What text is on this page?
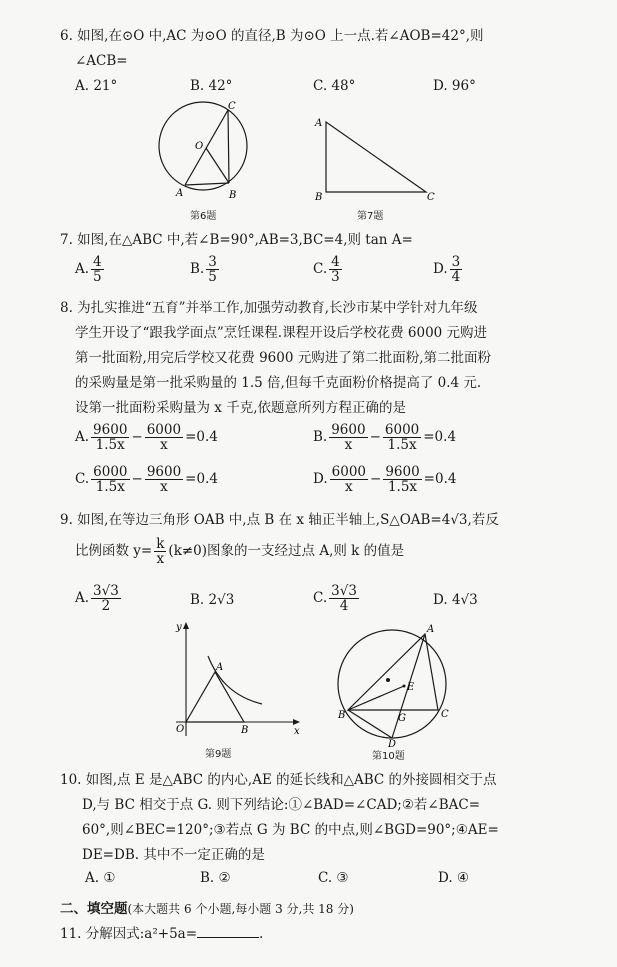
6. 如图,在⊙O 中,AC 为⊙O 的直径,B 为⊙O 上一点.若∠AOB=42°,则
∠ACB=
A. 21°	B. 42°	C. 48°	D. 96°
C
O
A	B
第6题
A
B	C
第7题
7. 如图,在△ABC 中,若∠B=90°,AB=3,BC=4,则 tan A=
A. $\frac{4}{5}$	B. $\frac{3}{5}$	C. $\frac{4}{3}$	D. $\frac{3}{4}$
8. 为扎实推进“五育”并举工作,加强劳动教育,长沙市某中学针对九年级
学生开设了“跟我学面点”烹饪课程.课程开设后学校花费 6000 元购进
第一批面粉,用完后学校又花费 9600 元购进了第二批面粉,第二批面粉
的采购量是第一批采购量的 1.5 倍,但每千克面粉价格提高了 0.4 元.
设第一批面粉采购量为 x 千克,依题意所列方程正确的是
A. $\frac{9600}{1.5x} - \frac{6000}{x} =0.4$	B. $\frac{9600}{x} - \frac{6000}{1.5x} =0.4$
C. $\frac{6000}{1.5x} - \frac{9600}{x} =0.4$	D. $\frac{6000}{x} - \frac{9600}{1.5x} =0.4$
9. 如图,在等边三角形 OAB 中,点 B 在 x 轴正半轴上,S△OAB=4√3,若反
比例函数 $y= \frac{k}{x} (k\ne 0)$图象的一支经过点 A,则 k 的值是
A. $\frac{3√3}{2}$	B. 2√3	C. $\frac{3√3}{4}$	D. 4√3
y
A
O	B	x
第9题
A
E
B	G	C
D
第10题
10. 如图,点 E 是△ABC 的内心,AE 的延长线和△ABC 的外接圆相交于点
D,与 BC 相交于点 G. 则下列结论:①∠BAD=∠CAD;②若∠BAC=
60°,则∠BEC=120°;③若点 G 为 BC 的中点,则∠BGD=90°;④AE=
DE=DB. 其中不一定正确的是
A. ①	B. ②	C. ③	D. ④
二、填空题(本大题共 6 个小题,每小题 3 分,共 18 分)
11. 分解因式:a²+5a=	.
